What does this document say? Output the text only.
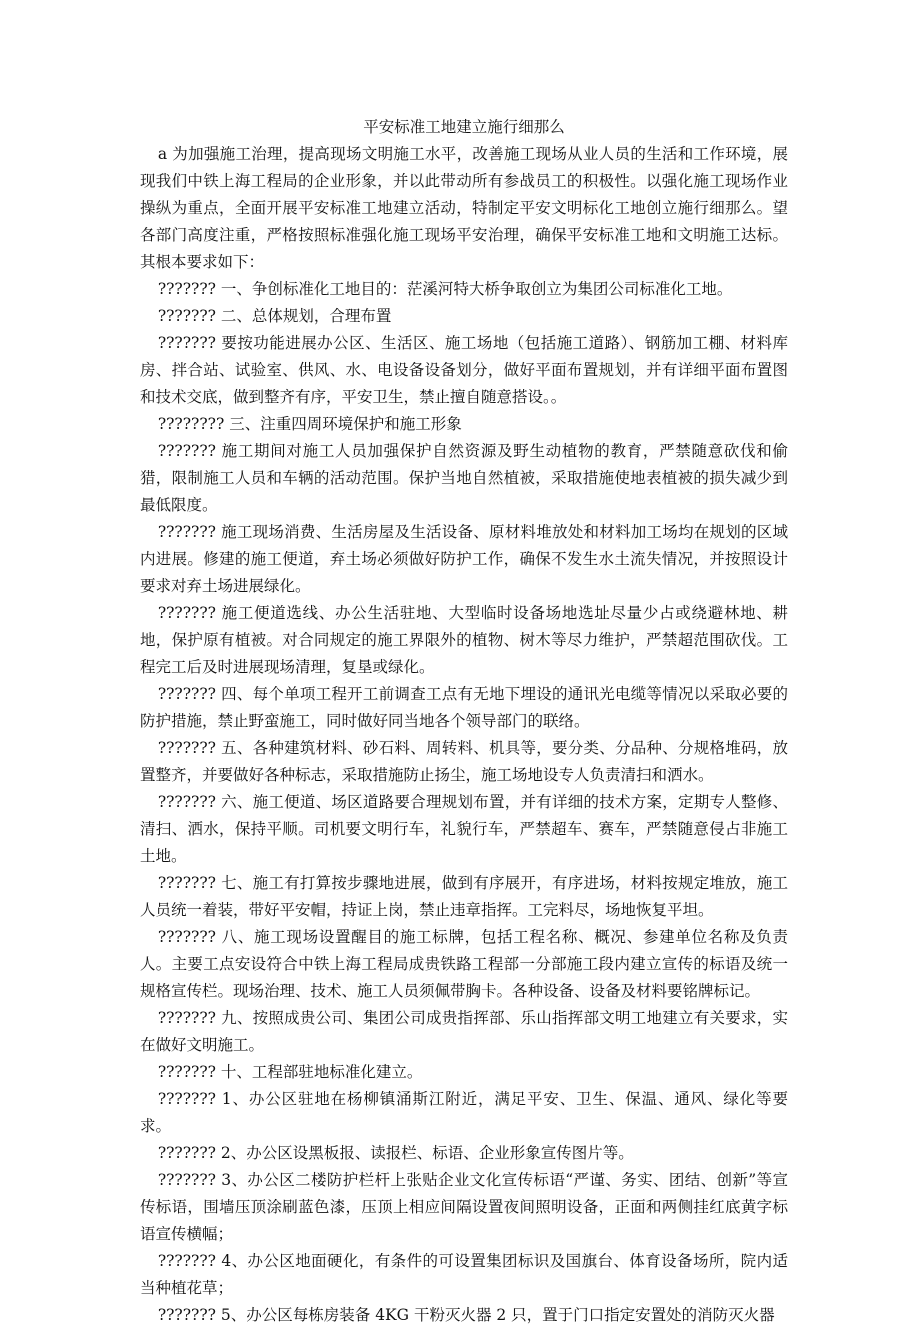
平安标准工地建立施行细那么

a 为加强施工治理，提高现场文明施工水平，改善施工现场从业人员的生活和工作环境，展现我们中铁上海工程局的企业形象，并以此带动所有参战员工的积极性。以强化施工现场作业操纵为重点，全面开展平安标准工地建立活动，特制定平安文明标化工地创立施行细那么。望各部门高度注重，严格按照标准强化施工现场平安治理，确保平安标准工地和文明施工达标。 其根本要求如下：

??????? 一、争创标准化工地目的：茫溪河特大桥争取创立为集团公司标准化工地。

??????? 二、总体规划，合理布置

??????? 要按功能进展办公区、生活区、施工场地（包括施工道路）、钢筋加工棚、材料库房、拌合站、试验室、供风、水、电设备设备划分，做好平面布置规划，并有详细平面布置图和技术交底，做到整齐有序，平安卫生，禁止擅自随意搭设。。

???????? 三、注重四周环境保护和施工形象

??????? 施工期间对施工人员加强保护自然资源及野生动植物的教育，严禁随意砍伐和偷猎，限制施工人员和车辆的活动范围。保护当地自然植被，采取措施使地表植被的损失减少到最低限度。

??????? 施工现场消费、生活房屋及生活设备、原材料堆放处和材料加工场均在规划的区域内进展。修建的施工便道，弃土场必须做好防护工作，确保不发生水土流失情况，并按照设计要求对弃土场进展绿化。

??????? 施工便道选线、办公生活驻地、大型临时设备场地选址尽量少占或绕避林地、耕地，保护原有植被。对合同规定的施工界限外的植物、树木等尽力维护，严禁超范围砍伐。工程完工后及时进展现场清理，复垦或绿化。

??????? 四、每个单项工程开工前调查工点有无地下埋设的通讯光电缆等情况以采取必要的防护措施，禁止野蛮施工，同时做好同当地各个领导部门的联络。

??????? 五、各种建筑材料、砂石料、周转料、机具等，要分类、分品种、分规格堆码，放置整齐，并要做好各种标志，采取措施防止扬尘，施工场地设专人负责清扫和洒水。

??????? 六、施工便道、场区道路要合理规划布置，并有详细的技术方案，定期专人整修、清扫、洒水，保持平顺。司机要文明行车，礼貌行车，严禁超车、赛车，严禁随意侵占非施工土地。

??????? 七、施工有打算按步骤地进展，做到有序展开，有序进场，材料按规定堆放，施工人员统一着装，带好平安帽，持证上岗，禁止违章指挥。工完料尽，场地恢复平坦。

??????? 八、施工现场设置醒目的施工标牌，包括工程名称、概况、参建单位名称及负责人。主要工点安设符合中铁上海工程局成贵铁路工程部一分部施工段内建立宣传的标语及统一规格宣传栏。现场治理、技术、施工人员须佩带胸卡。各种设备、设备及材料要铭牌标记。

??????? 九、按照成贵公司、集团公司成贵指挥部、乐山指挥部文明工地建立有关要求，实在做好文明施工。

??????? 十、工程部驻地标准化建立。

??????? 1、办公区驻地在杨柳镇涌斯江附近，满足平安、卫生、保温、通风、绿化等要求。

??????? 2、办公区设黑板报、读报栏、标语、企业形象宣传图片等。

??????? 3、办公区二楼防护栏杆上张贴企业文化宣传标语“严谨、务实、团结、创新”等宣传标语，围墙压顶涂刷蓝色漆，压顶上相应间隔设置夜间照明设备，正面和两侧挂红底黄字标语宣传横幅；

??????? 4、办公区地面硬化，有条件的可设置集团标识及国旗台、体育设备场所，院内适当种植花草；

??????? 5、办公区每栋房装备 4KG 干粉灭火器 2 只，置于门口指定安置处的消防灭火器
